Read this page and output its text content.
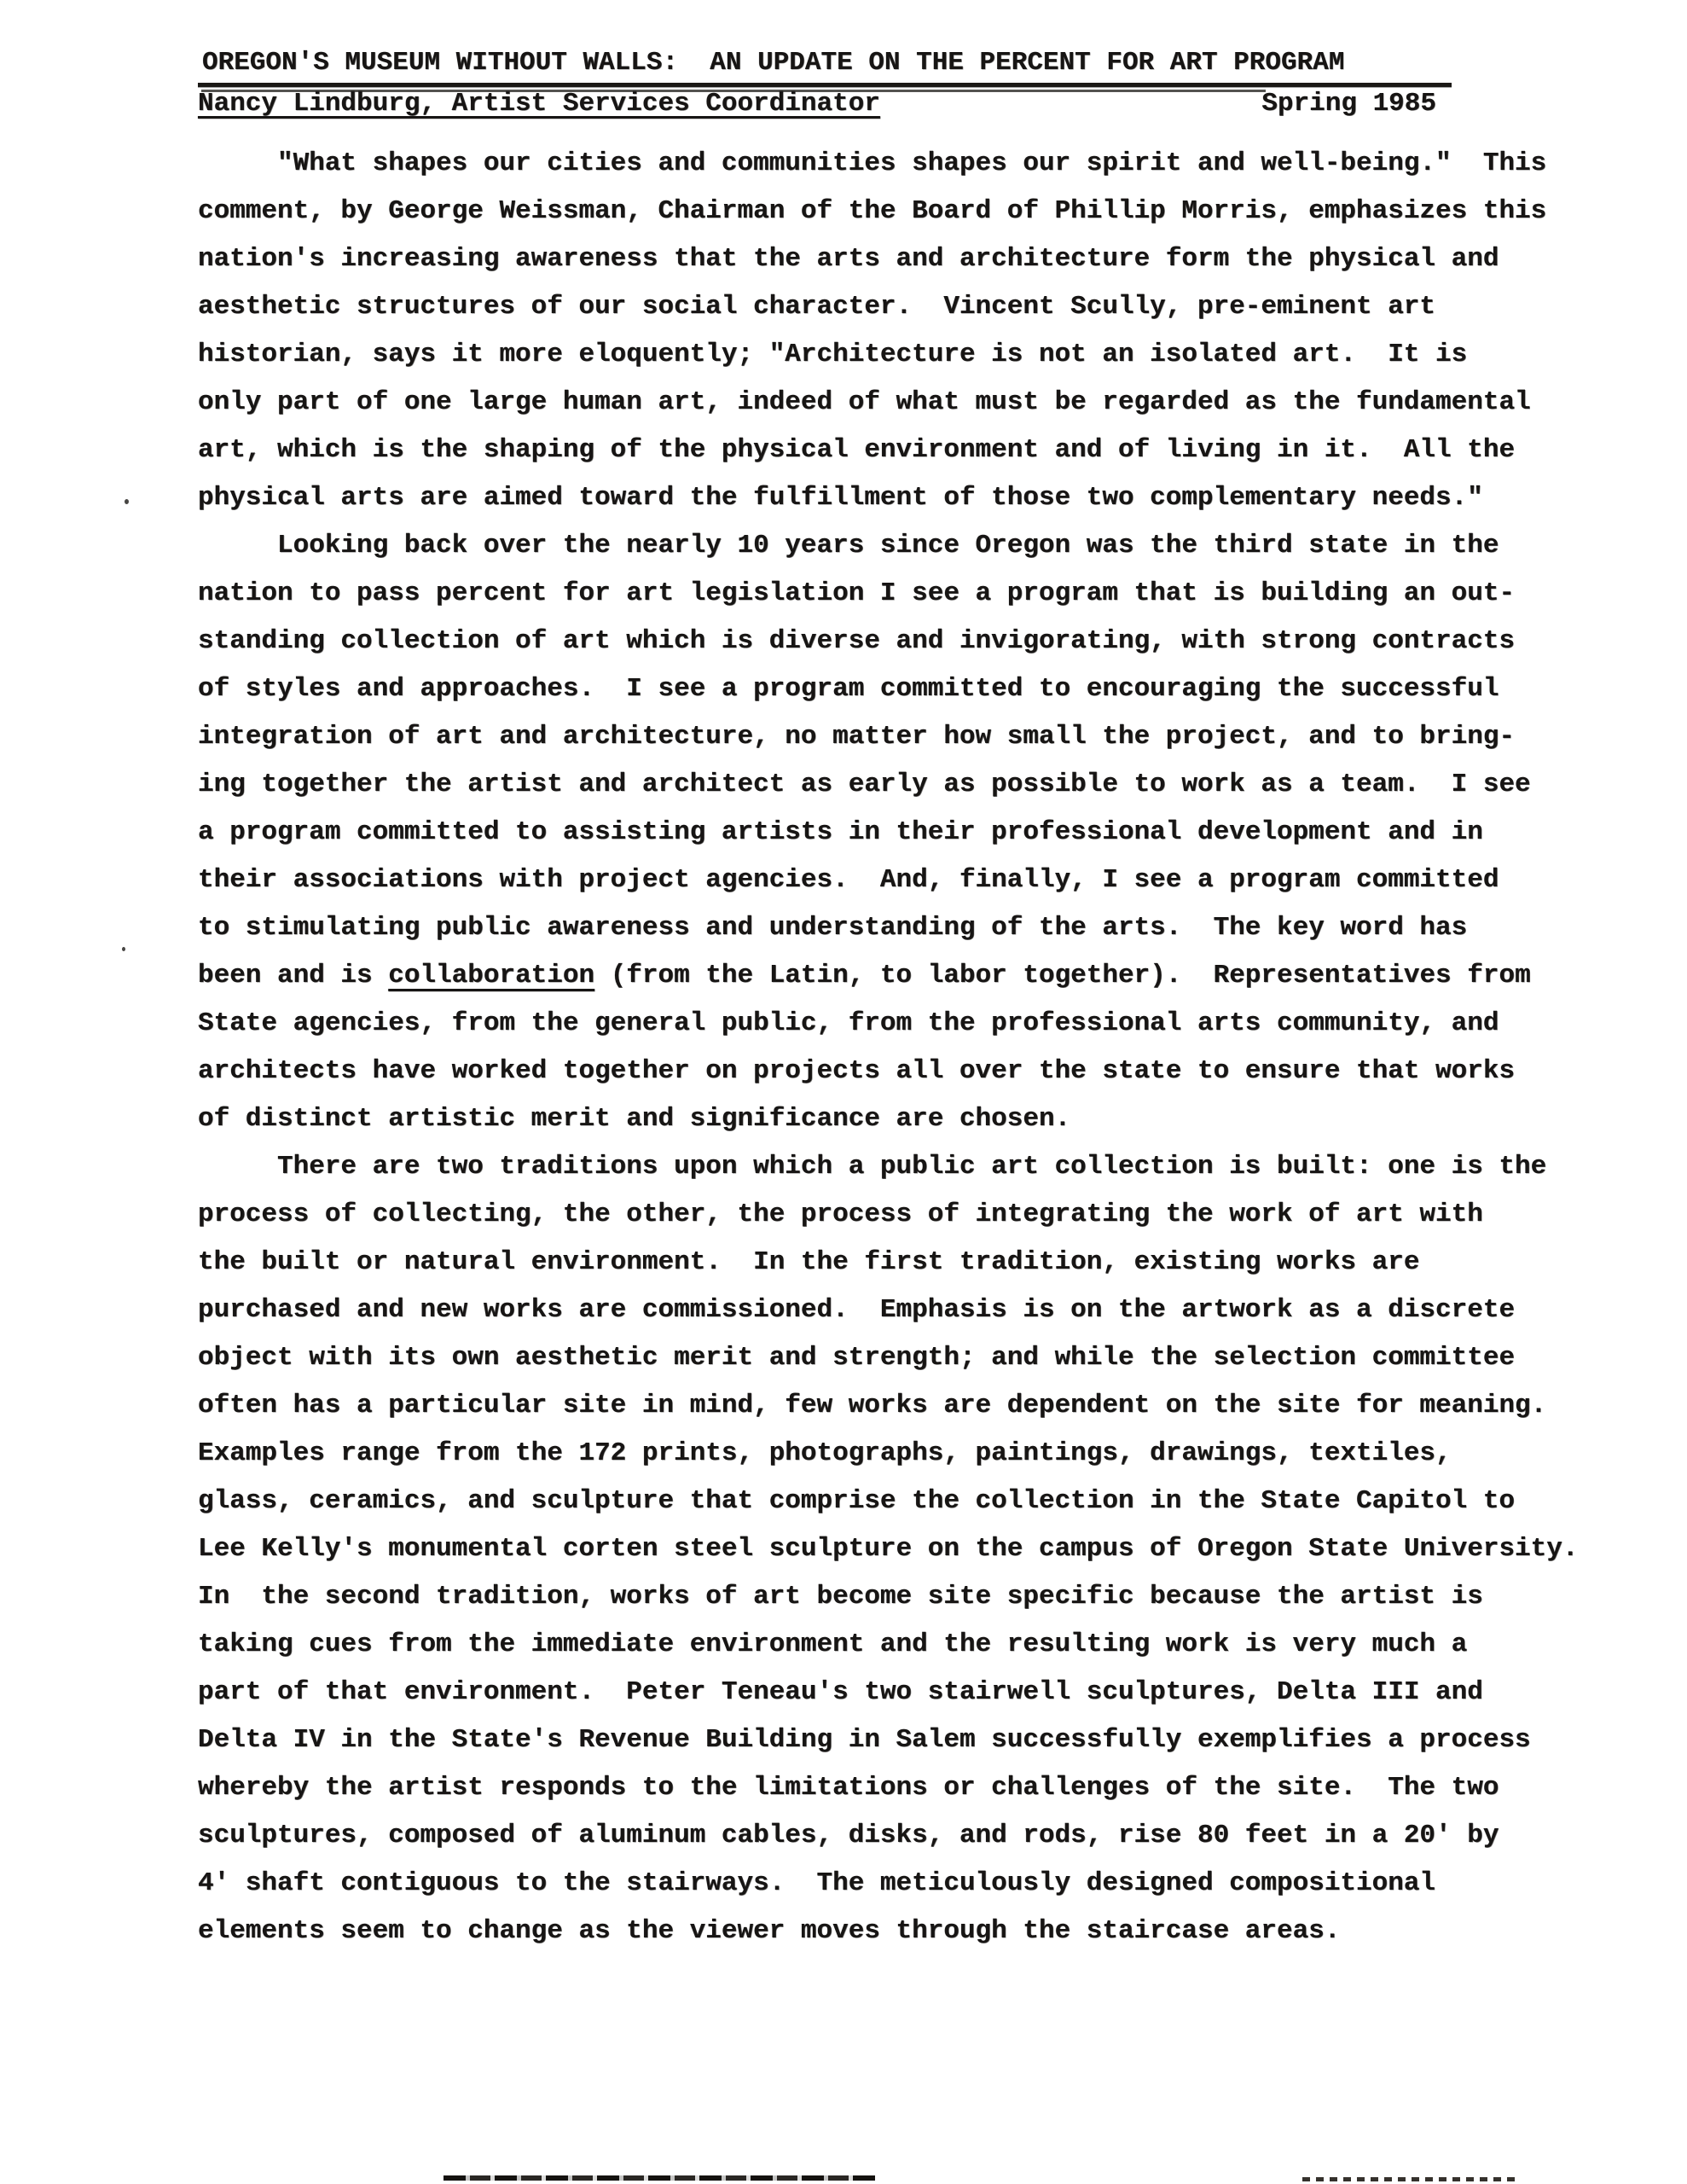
OREGON'S MUSEUM WITHOUT WALLS:  AN UPDATE ON THE PERCENT FOR ART PROGRAM
Nancy Lindburg, Artist Services Coordinator	Spring 1985
"What shapes our cities and communities shapes our spirit and well-being."  This
comment, by George Weissman, Chairman of the Board of Phillip Morris, emphasizes this
nation's increasing awareness that the arts and architecture form the physical and
aesthetic structures of our social character.  Vincent Scully, pre-eminent art
historian, says it more eloquently; "Architecture is not an isolated art.  It is
only part of one large human art, indeed of what must be regarded as the fundamental
art, which is the shaping of the physical environment and of living in it.  All the
physical arts are aimed toward the fulfillment of those two complementary needs."
Looking back over the nearly 10 years since Oregon was the third state in the
nation to pass percent for art legislation I see a program that is building an out-
standing collection of art which is diverse and invigorating, with strong contracts
of styles and approaches.  I see a program committed to encouraging the successful
integration of art and architecture, no matter how small the project, and to bring-
ing together the artist and architect as early as possible to work as a team.  I see
a program committed to assisting artists in their professional development and in
their associations with project agencies.  And, finally, I see a program committed
to stimulating public awareness and understanding of the arts.  The key word has
been and is collaboration (from the Latin, to labor together).  Representatives from
State agencies, from the general public, from the professional arts community, and
architects have worked together on projects all over the state to ensure that works
of distinct artistic merit and significance are chosen.
There are two traditions upon which a public art collection is built: one is the
process of collecting, the other, the process of integrating the work of art with
the built or natural environment.  In the first tradition, existing works are
purchased and new works are commissioned.  Emphasis is on the artwork as a discrete
object with its own aesthetic merit and strength; and while the selection committee
often has a particular site in mind, few works are dependent on the site for meaning.
Examples range from the 172 prints, photographs, paintings, drawings, textiles,
glass, ceramics, and sculpture that comprise the collection in the State Capitol to
Lee Kelly's monumental corten steel sculpture on the campus of Oregon State University.
In  the second tradition, works of art become site specific because the artist is
taking cues from the immediate environment and the resulting work is very much a
part of that environment.  Peter Teneau's two stairwell sculptures, Delta III and
Delta IV in the State's Revenue Building in Salem successfully exemplifies a process
whereby the artist responds to the limitations or challenges of the site.  The two
sculptures, composed of aluminum cables, disks, and rods, rise 80 feet in a 20' by
4' shaft contiguous to the stairways.  The meticulously designed compositional
elements seem to change as the viewer moves through the staircase areas.
